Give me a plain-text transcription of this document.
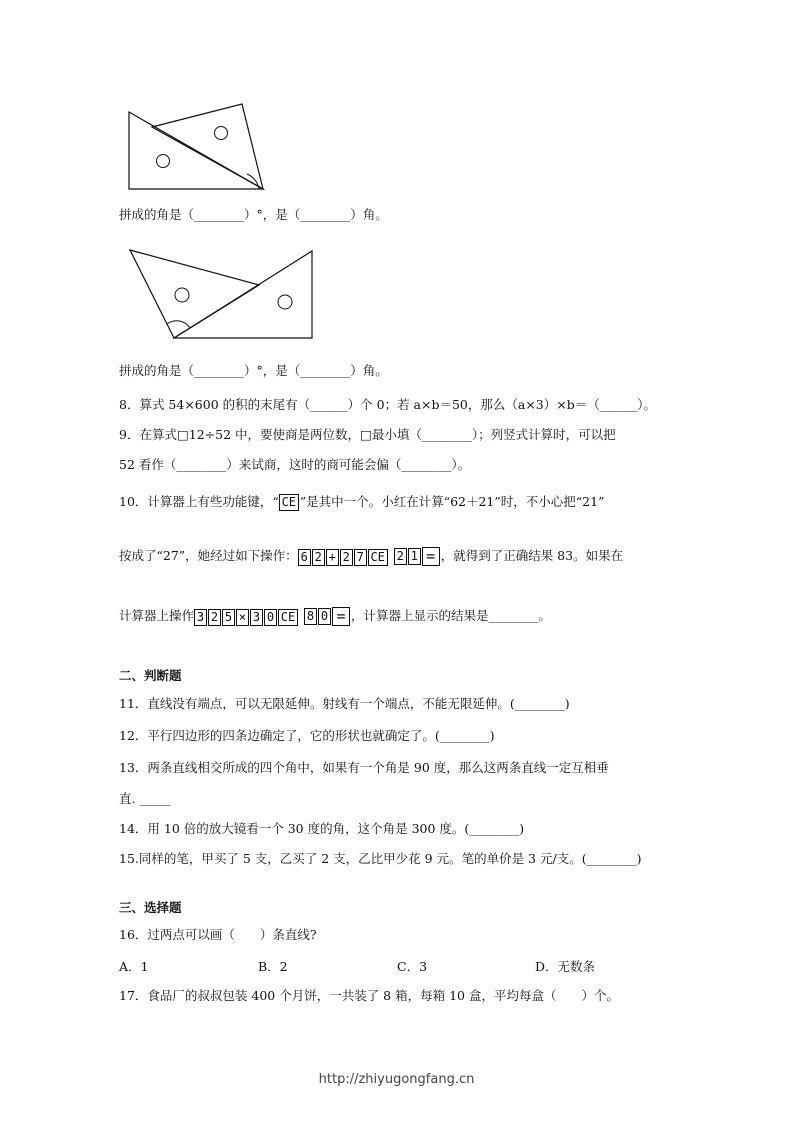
拼成的角是（________）°，是（________）角。
拼成的角是（________）°，是（________）角。
8．算式 54×600 的积的末尾有（______）个 0；若 a×b＝50，那么（a×3）×b＝（______）。
9．在算式□12÷52 中，要使商是两位数，□最小填（________）；列竖式计算时，可以把
52 看作（________）来试商，这时的商可能会偏（________）。
10．计算器上有些功能键，“ CE ”是其中一个。小红在计算“62＋21”时，不小心把“21”
按成了“27”，她经过如下操作： 6 2 + 2 7 CE 2 1 = ，就得到了正确结果 83。如果在
计算器上操作 3 2 5 × 3 0 CE 8 0 = ，计算器上显示的结果是________。
二、判断题
11．直线没有端点，可以无限延伸。射线有一个端点，不能无限延伸。(________)
12．平行四边形的四条边确定了，它的形状也就确定了。(________)
13．两条直线相交所成的四个角中，如果有一个角是 90 度，那么这两条直线一定互相垂
直. _____
14．用 10 倍的放大镜看一个 30 度的角，这个角是 300 度。(________)
15.同样的笔，甲买了 5 支，乙买了 2 支，乙比甲少花 9 元。笔的单价是 3 元/支。(________)
三、选择题
16．过两点可以画（　　）条直线?
A．1	B．2	C．3	D．无数条
17．食品厂的叔叔包装 400 个月饼，一共装了 8 箱，每箱 10 盒，平均每盒（　　）个。
http://zhiyugongfang.cn
